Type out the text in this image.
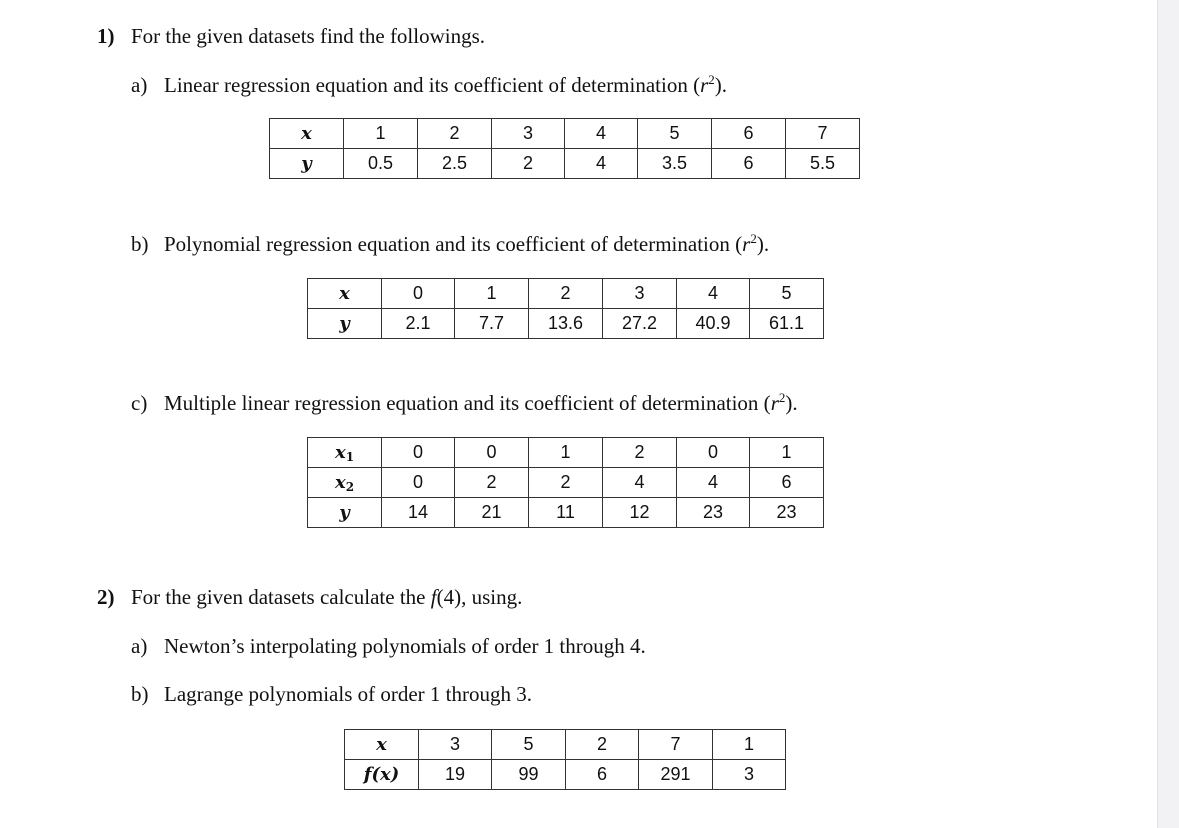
1) For the given datasets find the followings.
a) Linear regression equation and its coefficient of determination $(r^2)$.
x	1	2	3	4	5	6	7
y	0.5	2.5	2	4	3.5	6	5.5
b) Polynomial regression equation and its coefficient of determination $(r^2)$.
x	0	1	2	3	4	5
y	2.1	7.7	13.6	27.2	40.9	61.1
c) Multiple linear regression equation and its coefficient of determination $(r^2)$.
$x_1$	0	0	1	2	0	1
$x_2$	0	2	2	4	4	6
y	14	21	11	12	23	23
2) For the given datasets calculate the f(4), using.
a) Newton’s interpolating polynomials of order 1 through 4.
b) Lagrange polynomials of order 1 through 3.
x	3	5	2	7	1
f(x)	19	99	6	291	3
